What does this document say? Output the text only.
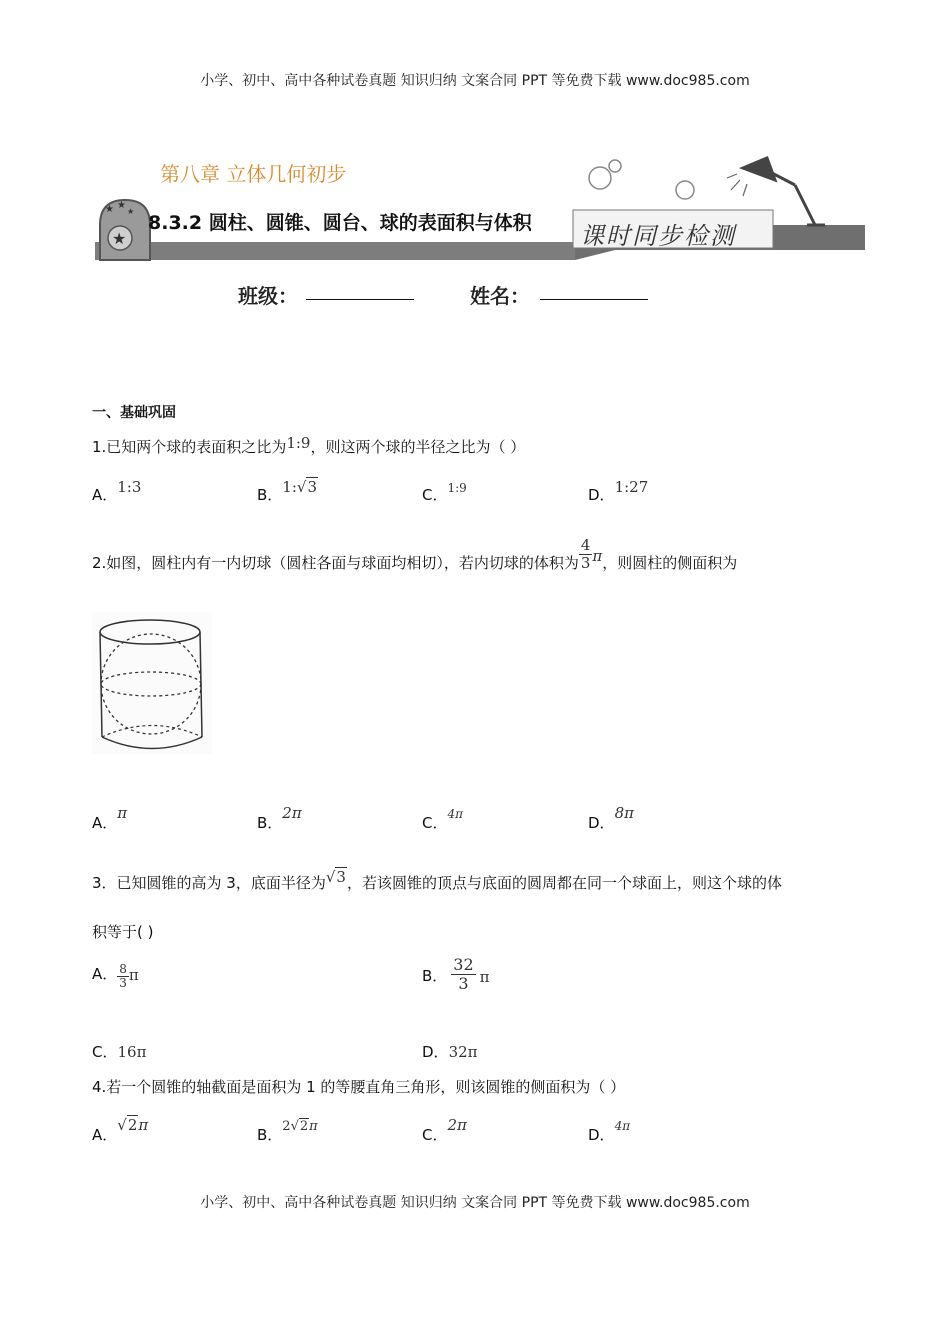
小学、初中、高中各种试卷真题 知识归纳 文案合同 PPT 等免费下载 www.doc985.com
★
★ ★
★
第八章 立体几何初步
8.3.2 圆柱、圆锥、圆台、球的表面积与体积 课时同步检测
班级：	姓名：
一、基础巩固
1.已知两个球的表面积之比为1:9，则这两个球的半径之比为（ ）
A．1:3	B．1:√3	C．$^{1:9}$	D．1:27
2.如图，圆柱内有一内切球（圆柱各面与球面均相切），若内切球的体积为 $\frac{4}{3}$ π ，则圆柱的侧面积为
A．π
B．2π
C．$^{4\pi}$	D．8π
3．已知圆锥的高为 3，底面半径为√3，若该圆锥的顶点与底面的圆周都在同一个球面上，则这个球的体
积等于( )
A． $\frac{8}{3}$ π	B． $\frac{32}{3}$ π
C．16π	D．32π
4.若一个圆锥的轴截面是面积为 1 的等腰直角三角形，则该圆锥的侧面积为（ ）
A．√2π
B．2√2π	C．2π
D．$^{4\pi}$
小学、初中、高中各种试卷真题 知识归纳 文案合同 PPT 等免费下载 www.doc985.com
